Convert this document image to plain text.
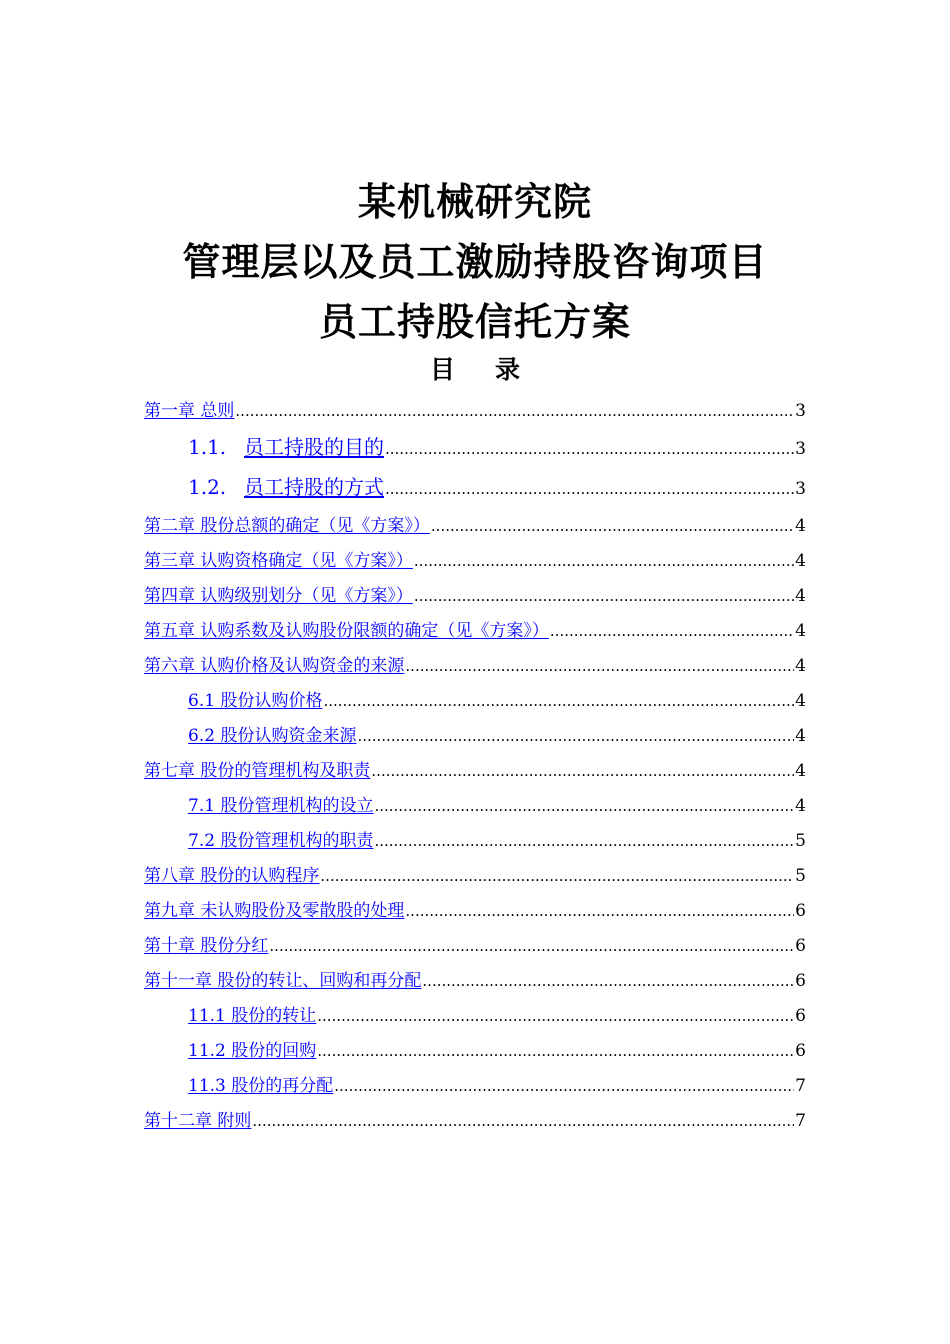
某机械研究院
管理层以及员工激励持股咨询项目
员工持股信托方案
目 录
第一章 总则 .....	3
1.1. 员工持股的目的 .....	3
1.2. 员工持股的方式 .....	3
第二章 股份总额的确定（见《方案》） .....	4
第三章 认购资格确定（见《方案》） .....	4
第四章 认购级别划分（见《方案》） .....	4
第五章 认购系数及认购股份限额的确定（见《方案》） .....	4
第六章 认购价格及认购资金的来源 .....	4
6.1 股份认购价格 .....	4
6.2 股份认购资金来源 .....	4
第七章 股份的管理机构及职责 .....	4
7.1 股份管理机构的设立 .....	4
7.2 股份管理机构的职责 .....	5
第八章 股份的认购程序 .....	5
第九章 未认购股份及零散股的处理 .....	6
第十章 股份分红 .....	6
第十一章 股份的转让、回购和再分配 .....	6
11.1 股份的转让 .....	6
11.2 股份的回购 .....	6
11.3 股份的再分配 .....	7
第十二章 附则 .....	7
